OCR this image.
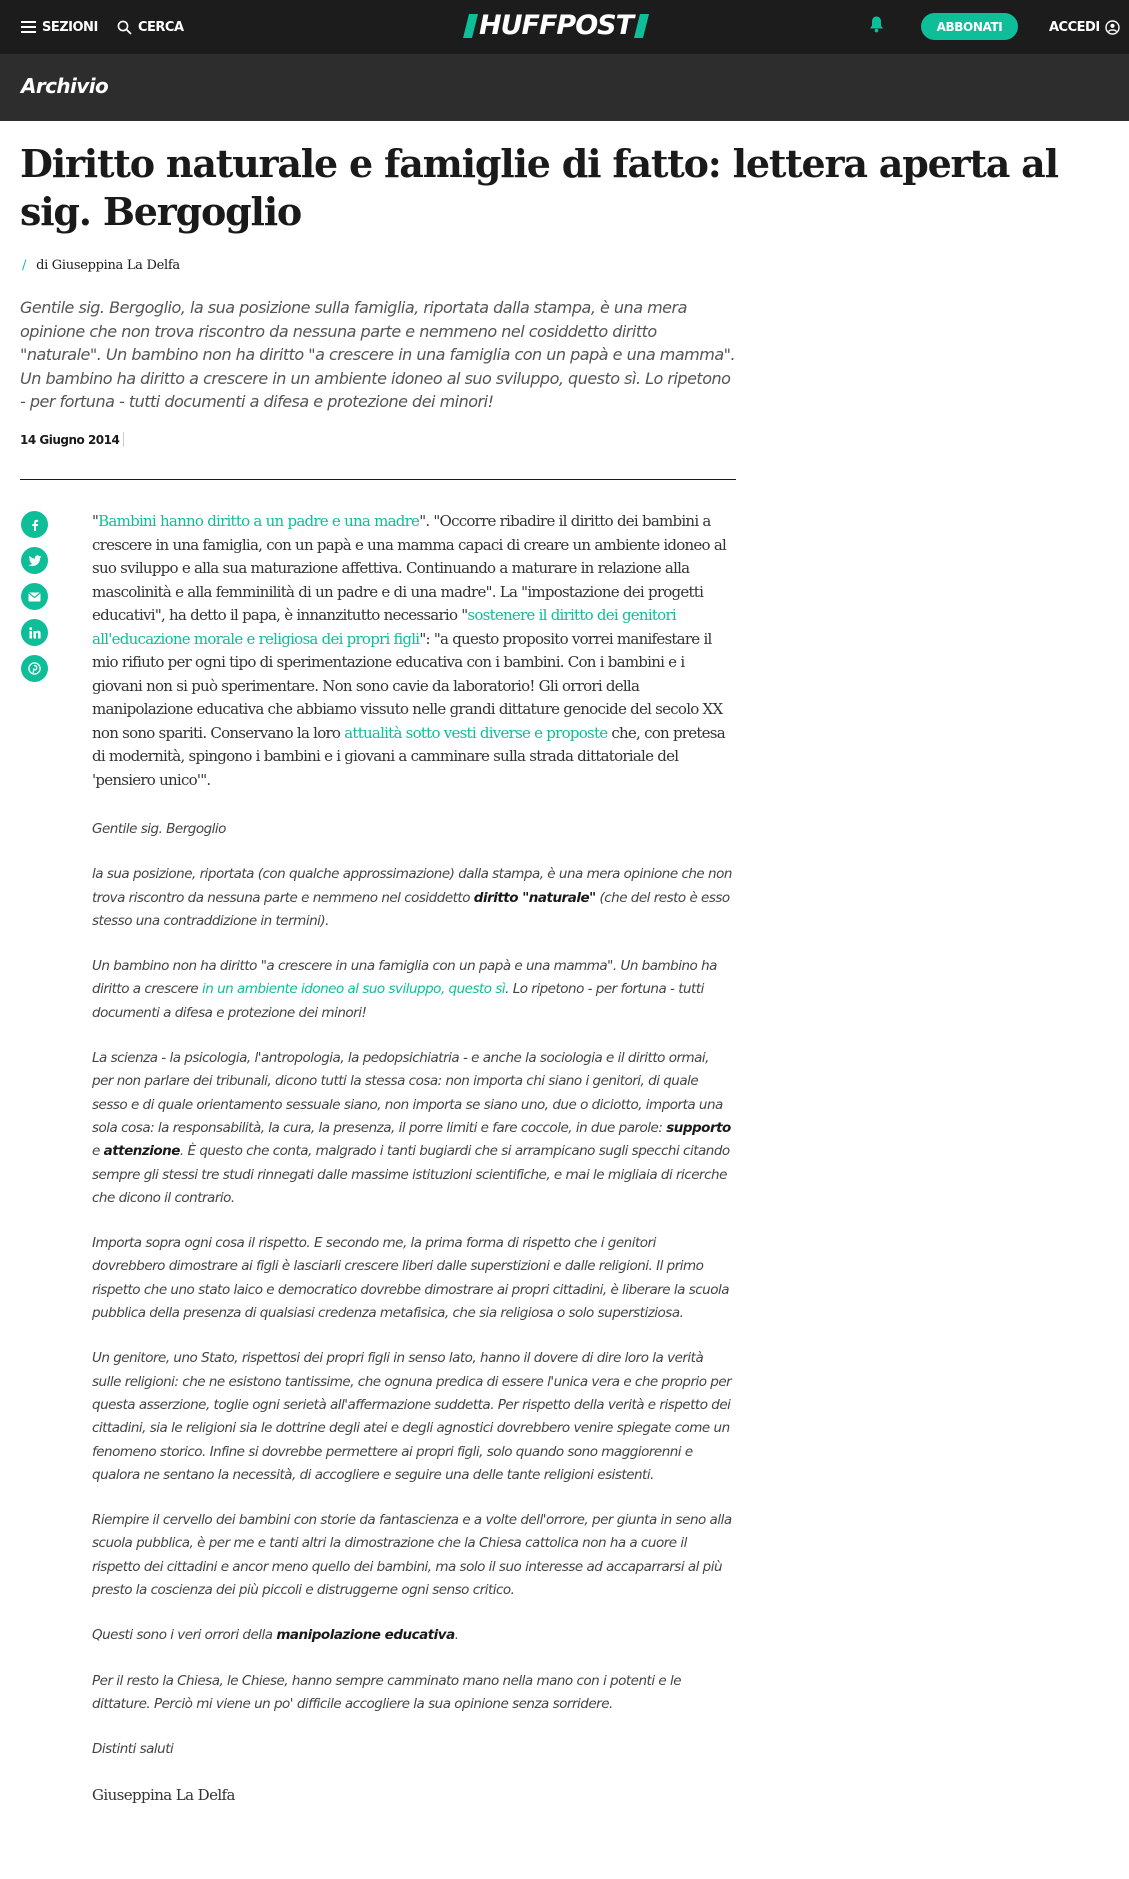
SEZIONI	CERCA	HUFFPOST	ABBONATI	ACCEDI
Archivio
Diritto naturale e famiglie di fatto: lettera aperta al sig. Bergoglio
/ di Giuseppina La Delfa
Gentile sig. Bergoglio, la sua posizione sulla famiglia, riportata dalla stampa, è una mera opinione che non trova riscontro da nessuna parte e nemmeno nel cosiddetto diritto "naturale". Un bambino non ha diritto "a crescere in una famiglia con un papà e una mamma". Un bambino ha diritto a crescere in un ambiente idoneo al suo sviluppo, questo sì. Lo ripetono - per fortuna - tutti documenti a difesa e protezione dei minori!
14 Giugno 2014

"Bambini hanno diritto a un padre e una madre". "Occorre ribadire il diritto dei bambini a crescere in una famiglia, con un papà e una mamma capaci di creare un ambiente idoneo al suo sviluppo e alla sua maturazione affettiva. Continuando a maturare in relazione alla mascolinità e alla femminilità di un padre e di una madre". La "impostazione dei progetti educativi", ha detto il papa, è innanzitutto necessario "sostenere il diritto dei genitori all'educazione morale e religiosa dei propri figli": "a questo proposito vorrei manifestare il mio rifiuto per ogni tipo di sperimentazione educativa con i bambini. Con i bambini e i giovani non si può sperimentare. Non sono cavie da laboratorio! Gli orrori della manipolazione educativa che abbiamo vissuto nelle grandi dittature genocide del secolo XX non sono spariti. Conservano la loro attualità sotto vesti diverse e proposte che, con pretesa di modernità, spingono i bambini e i giovani a camminare sulla strada dittatoriale del 'pensiero unico'".

Gentile sig. Bergoglio

la sua posizione, riportata (con qualche approssimazione) dalla stampa, è una mera opinione che non trova riscontro da nessuna parte e nemmeno nel cosiddetto diritto "naturale" (che del resto è esso stesso una contraddizione in termini).

Un bambino non ha diritto "a crescere in una famiglia con un papà e una mamma". Un bambino ha diritto a crescere in un ambiente idoneo al suo sviluppo, questo sì. Lo ripetono - per fortuna - tutti documenti a difesa e protezione dei minori!

La scienza - la psicologia, l'antropologia, la pedopsichiatria - e anche la sociologia e il diritto ormai, per non parlare dei tribunali, dicono tutti la stessa cosa: non importa chi siano i genitori, di quale sesso e di quale orientamento sessuale siano, non importa se siano uno, due o diciotto, importa una sola cosa: la responsabilità, la cura, la presenza, il porre limiti e fare coccole, in due parole: supporto e attenzione. È questo che conta, malgrado i tanti bugiardi che si arrampicano sugli specchi citando sempre gli stessi tre studi rinnegati dalle massime istituzioni scientifiche, e mai le migliaia di ricerche che dicono il contrario.

Importa sopra ogni cosa il rispetto. E secondo me, la prima forma di rispetto che i genitori dovrebbero dimostrare ai figli è lasciarli crescere liberi dalle superstizioni e dalle religioni. Il primo rispetto che uno stato laico e democratico dovrebbe dimostrare ai propri cittadini, è liberare la scuola pubblica della presenza di qualsiasi credenza metafisica, che sia religiosa o solo superstiziosa.

Un genitore, uno Stato, rispettosi dei propri figli in senso lato, hanno il dovere di dire loro la verità sulle religioni: che ne esistono tantissime, che ognuna predica di essere l'unica vera e che proprio per questa asserzione, toglie ogni serietà all'affermazione suddetta. Per rispetto della verità e rispetto dei cittadini, sia le religioni sia le dottrine degli atei e degli agnostici dovrebbero venire spiegate come un fenomeno storico. Infine si dovrebbe permettere ai propri figli, solo quando sono maggiorenni e qualora ne sentano la necessità, di accogliere e seguire una delle tante religioni esistenti.

Riempire il cervello dei bambini con storie da fantascienza e a volte dell'orrore, per giunta in seno alla scuola pubblica, è per me e tanti altri la dimostrazione che la Chiesa cattolica non ha a cuore il rispetto dei cittadini e ancor meno quello dei bambini, ma solo il suo interesse ad accaparrarsi al più presto la coscienza dei più piccoli e distruggerne ogni senso critico.

Questi sono i veri orrori della manipolazione educativa.

Per il resto la Chiesa, le Chiese, hanno sempre camminato mano nella mano con i potenti e le dittature. Perciò mi viene un po' difficile accogliere la sua opinione senza sorridere.

Distinti saluti

Giuseppina La Delfa
